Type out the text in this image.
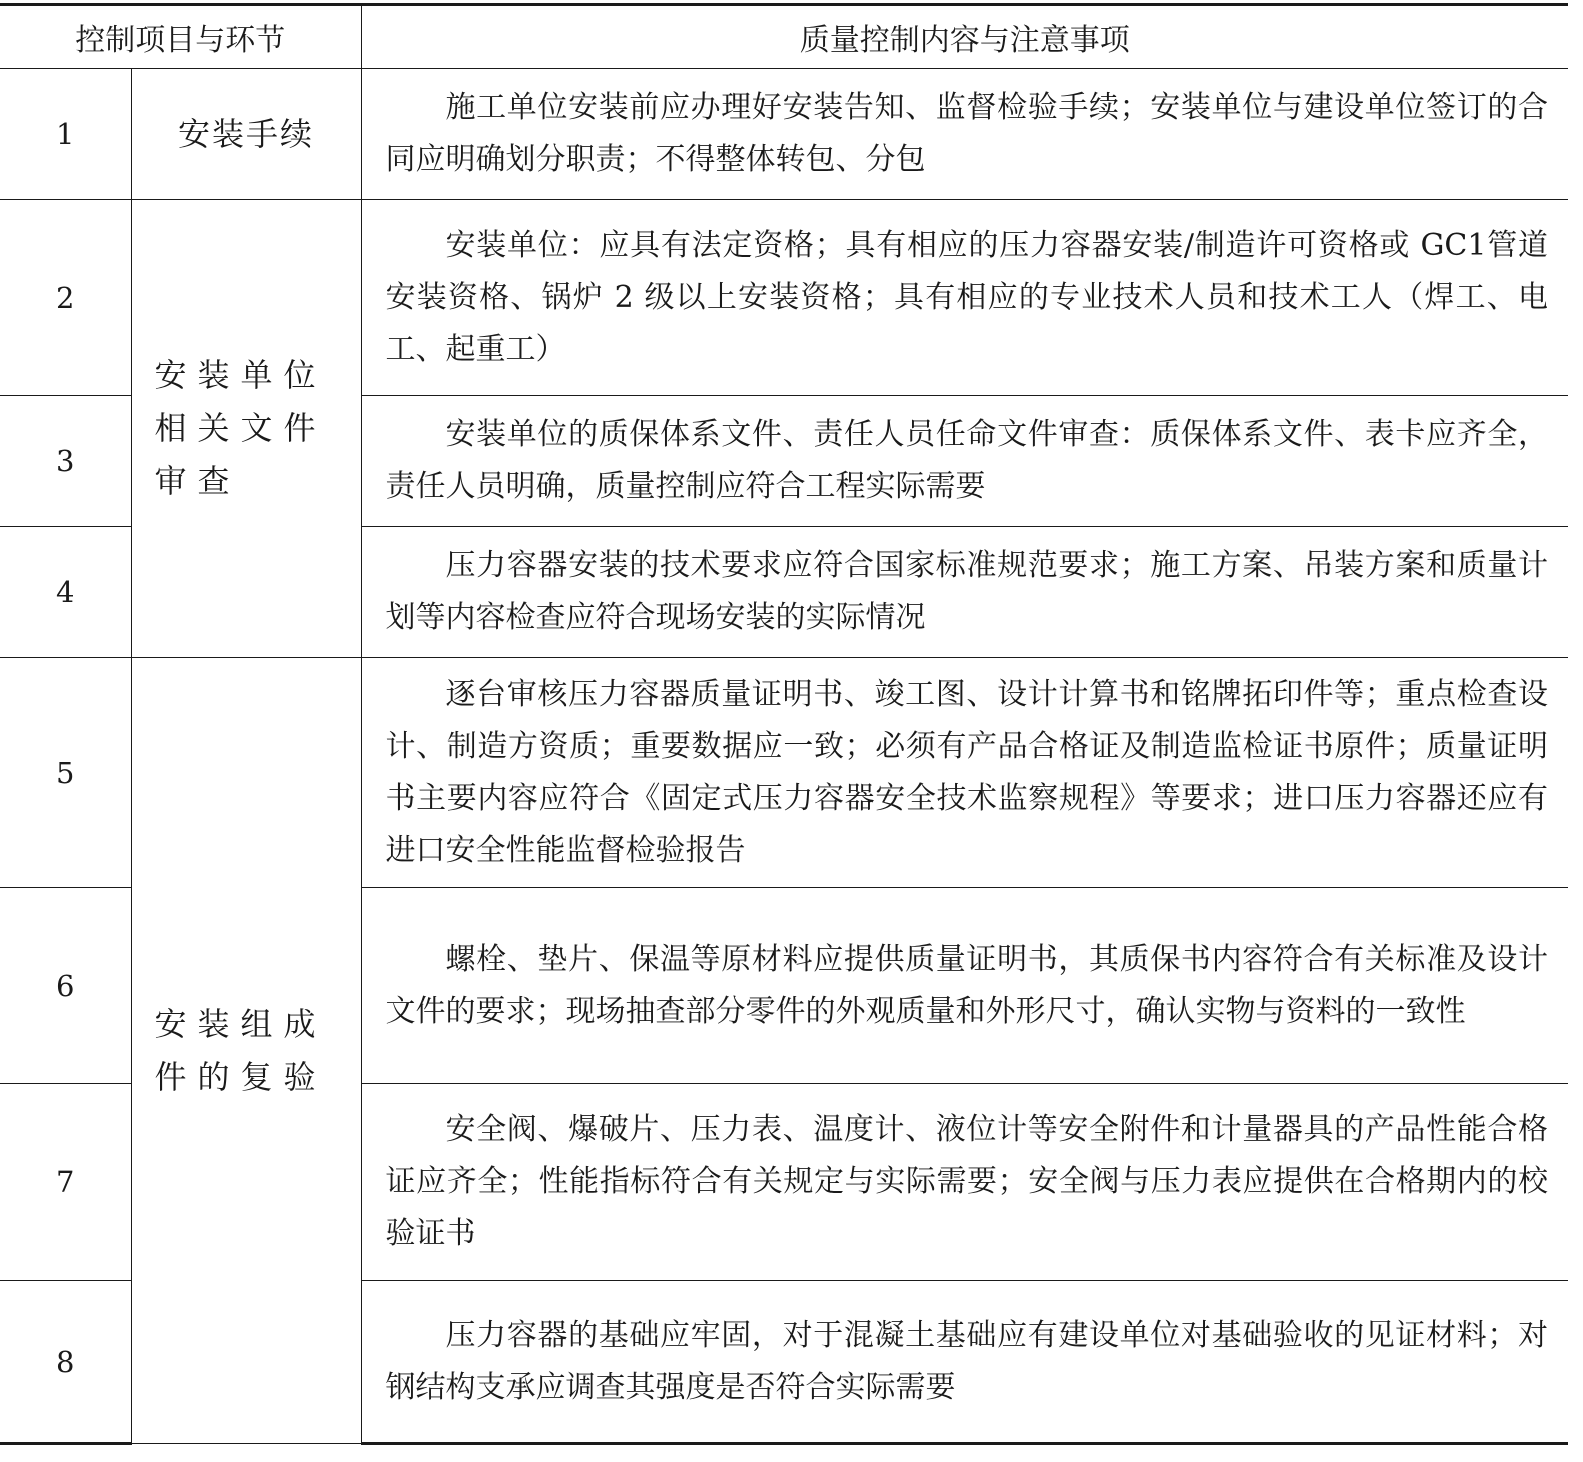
控制项目与环节		质量控制内容与注意事项
1	安装手续	施工单位安装前应办理好安装告知、监督检验手续；安装单位与建设单位签订的合同应明确划分职责；不得整体转包、分包
2	安装单位相关文件审查	安装单位：应具有法定资格；具有相应的压力容器安装/制造许可资格或 GC1管道安装资格、锅炉 2 级以上安装资格；具有相应的专业技术人员和技术工人（焊工、电工、起重工）
3		安装单位的质保体系文件、责任人员任命文件审查：质保体系文件、表卡应齐全，责任人员明确，质量控制应符合工程实际需要
4		压力容器安装的技术要求应符合国家标准规范要求；施工方案、吊装方案和质量计划等内容检查应符合现场安装的实际情况
5	安装组成件的复验	逐台审核压力容器质量证明书、竣工图、设计计算书和铭牌拓印件等；重点检查设计、制造方资质；重要数据应一致；必须有产品合格证及制造监检证书原件；质量证明书主要内容应符合《固定式压力容器安全技术监察规程》等要求；进口压力容器还应有进口安全性能监督检验报告
6		螺栓、垫片、保温等原材料应提供质量证明书，其质保书内容符合有关标准及设计文件的要求；现场抽查部分零件的外观质量和外形尺寸，确认实物与资料的一致性
7		安全阀、爆破片、压力表、温度计、液位计等安全附件和计量器具的产品性能合格证应齐全；性能指标符合有关规定与实际需要；安全阀与压力表应提供在合格期内的校验证书
8		压力容器的基础应牢固，对于混凝土基础应有建设单位对基础验收的见证材料；对钢结构支承应调查其强度是否符合实际需要
